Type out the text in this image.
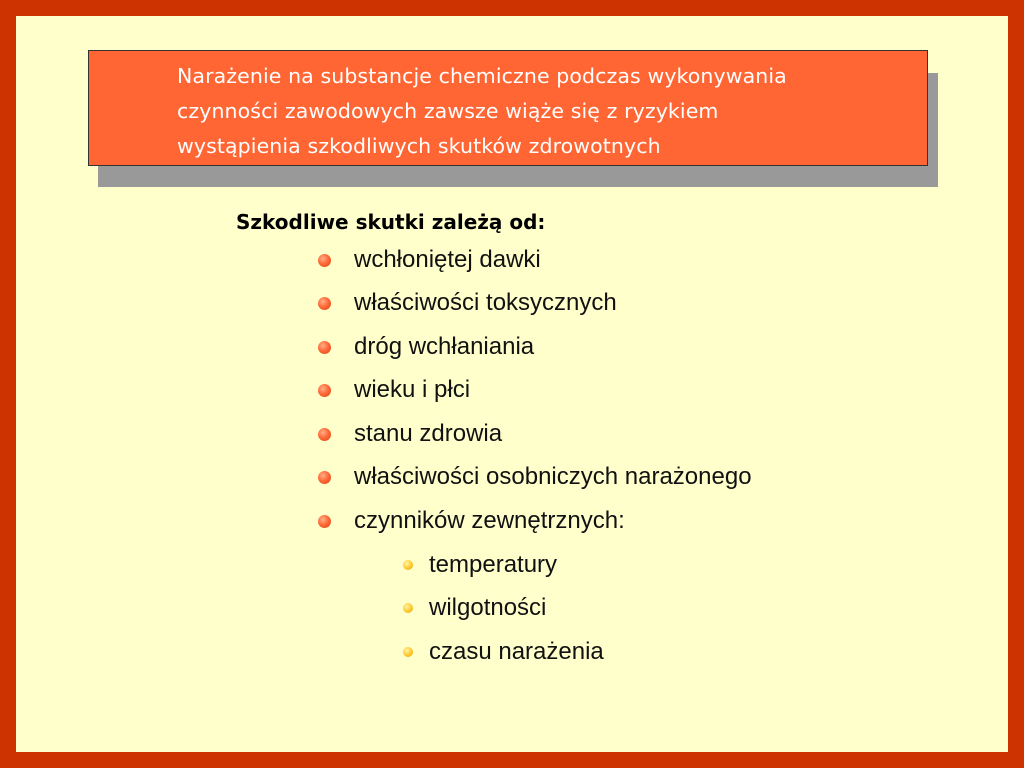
Narażenie na substancje chemiczne podczas wykonywania
czynności zawodowych zawsze wiąże się z ryzykiem
wystąpienia szkodliwych skutków zdrowotnych

Szkodliwe skutki zależą od:

wchłoniętej dawki
właściwości toksycznych
dróg wchłaniania
wieku i płci
stanu zdrowia
właściwości osobniczych narażonego
czynników zewnętrznych:
temperatury
wilgotności
czasu narażenia
